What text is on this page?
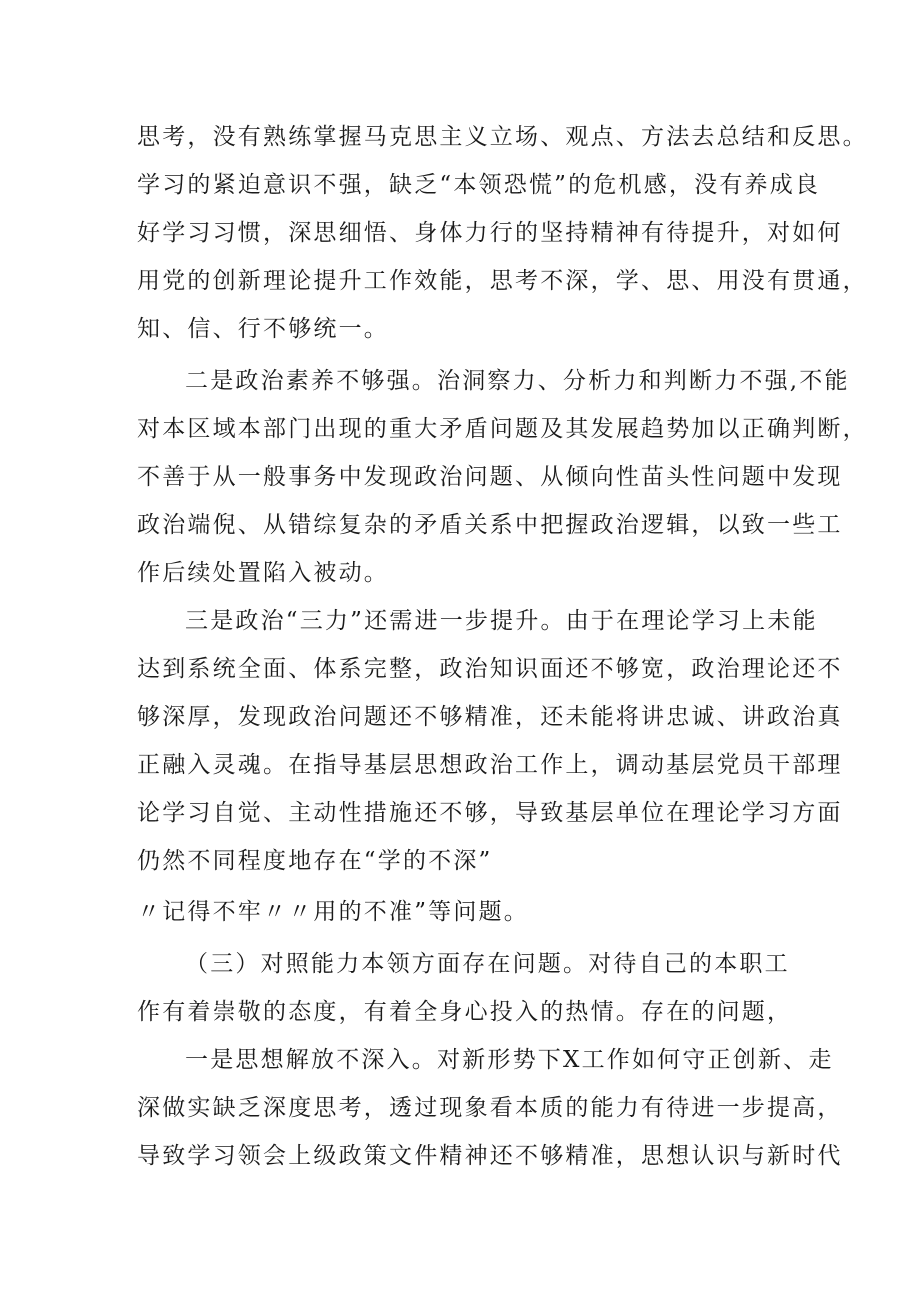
思考，没有熟练掌握马克思主义立场、观点、方法去总结和反思。
学习的紧迫意识不强，缺乏“本领恐慌”的危机感，没有养成良
好学习习惯，深思细悟、身体力行的坚持精神有待提升，对如何
用党的创新理论提升工作效能，思考不深，学、思、用没有贯通，
知、信、行不够统一。
二是政治素养不够强。治洞察力、分析力和判断力不强,不能
对本区域本部门出现的重大矛盾问题及其发展趋势加以正确判断，
不善于从一般事务中发现政治问题、从倾向性苗头性问题中发现
政治端倪、从错综复杂的矛盾关系中把握政治逻辑，以致一些工
作后续处置陷入被动。
三是政治“三力”还需进一步提升。由于在理论学习上未能
达到系统全面、体系完整，政治知识面还不够宽，政治理论还不
够深厚，发现政治问题还不够精准，还未能将讲忠诚、讲政治真
正融入灵魂。在指导基层思想政治工作上，调动基层党员干部理
论学习自觉、主动性措施还不够，导致基层单位在理论学习方面
仍然不同程度地存在“学的不深”
〃记得不牢〃〃用的不准”等问题。
（三）对照能力本领方面存在问题。对待自己的本职工
作有着崇敬的态度，有着全身心投入的热情。存在的问题，
一是思想解放不深入。对新形势下X工作如何守正创新、走
深做实缺乏深度思考，透过现象看本质的能力有待进一步提高，
导致学习领会上级政策文件精神还不够精准，思想认识与新时代
